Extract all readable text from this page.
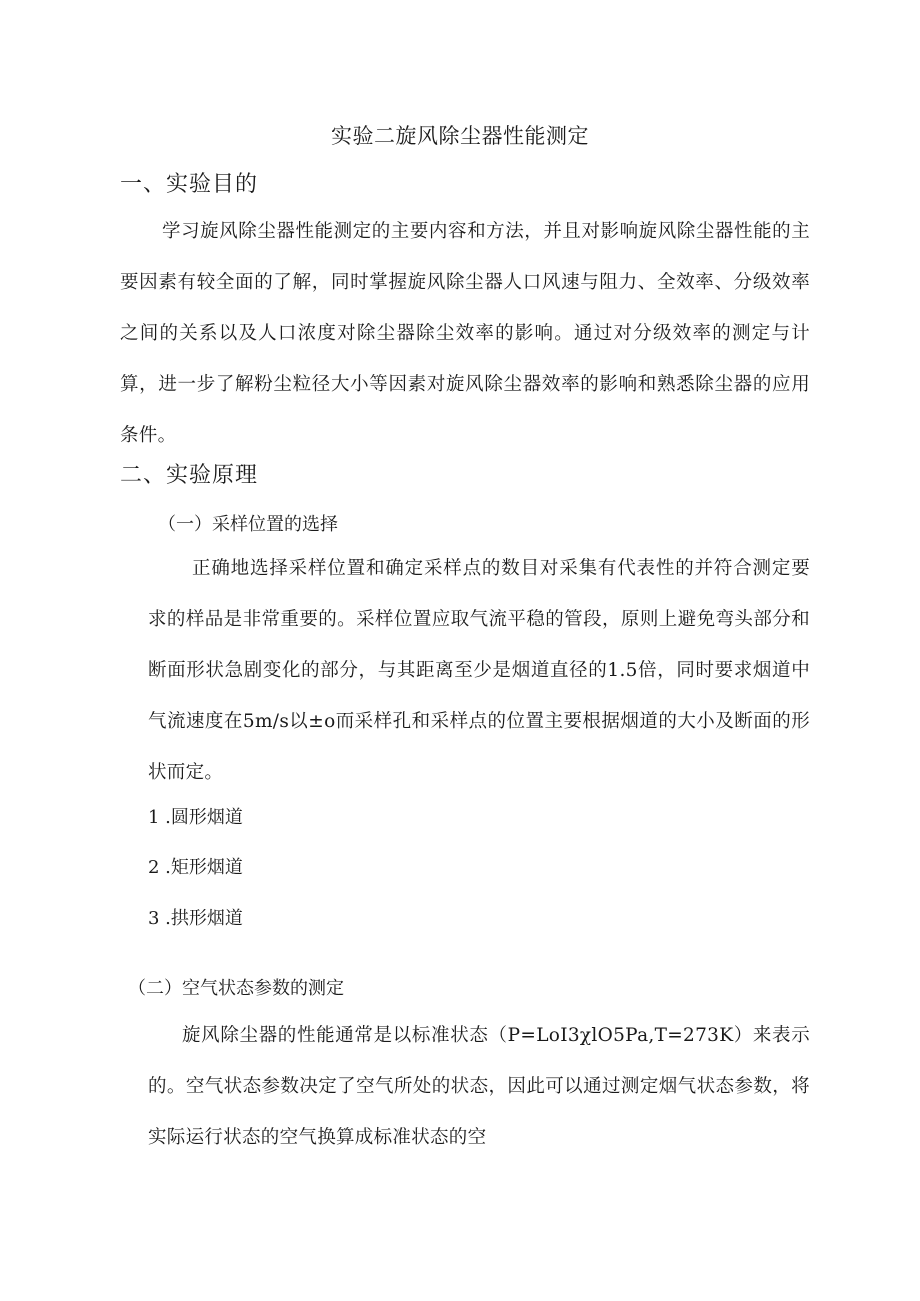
实验二旋风除尘器性能测定
一、实验目的

学习旋风除尘器性能测定的主要内容和方法，并且对影响旋风除尘器性能的主要因素有较全面的了解，同时掌握旋风除尘器人口风速与阻力、全效率、分级效率之间的关系以及人口浓度对除尘器除尘效率的影响。通过对分级效率的测定与计算，进一步了解粉尘粒径大小等因素对旋风除尘器效率的影响和熟悉除尘器的应用条件。

二、实验原理
（一）采样位置的选择

正确地选择采样位置和确定采样点的数目对采集有代表性的并符合测定要求的样品是非常重要的。采样位置应取气流平稳的管段，原则上避免弯头部分和断面形状急剧变化的部分，与其距离至少是烟道直径的1.5倍，同时要求烟道中气流速度在5m∕s以±o而采样孔和采样点的位置主要根据烟道的大小及断面的形状而定。

1 .圆形烟道
2 .矩形烟道
3 .拱形烟道
（二）空气状态参数的测定

旋风除尘器的性能通常是以标准状态（P=LoI3χlO5Pa,T=273K）来表示的。空气状态参数决定了空气所处的状态，因此可以通过测定烟气状态参数，将实际运行状态的空气换算成标准状态的空
